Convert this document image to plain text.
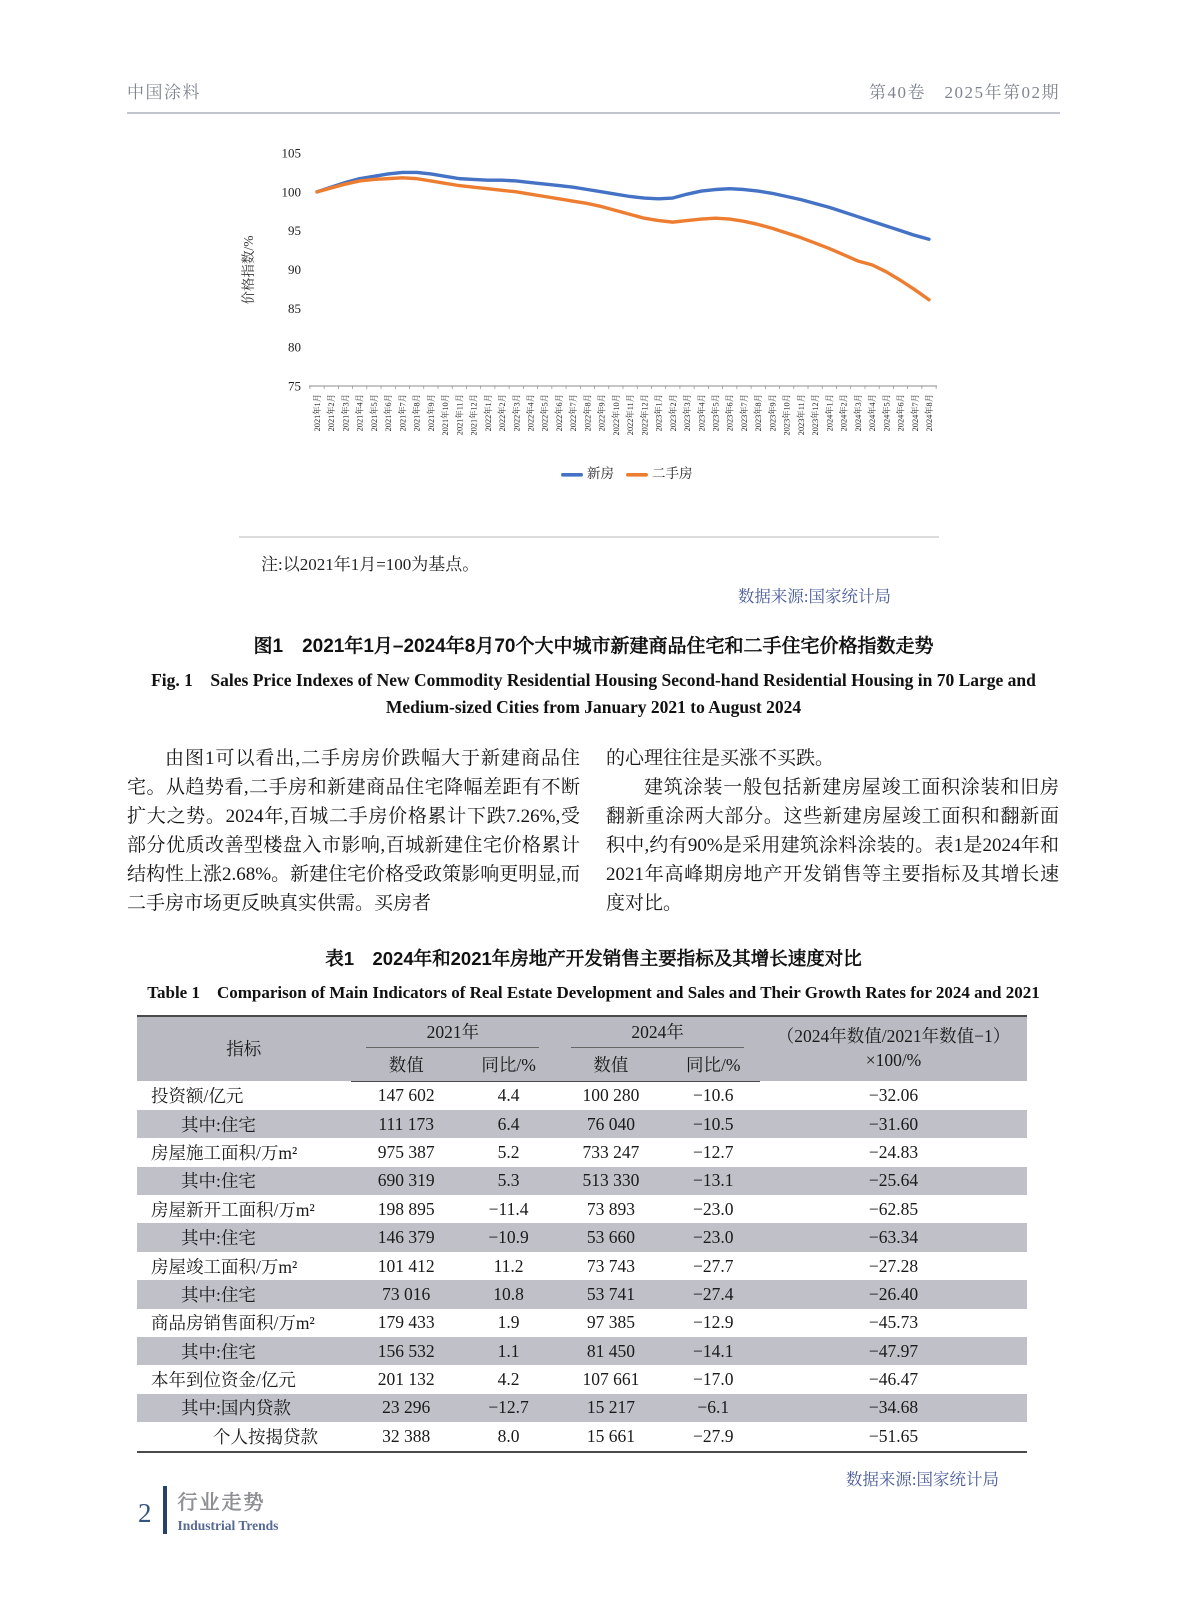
中国涂料	第40卷　2025年第02期
价格指数/%
105
100
95
90
85
80
75
2021年1月 2021年2月 2021年3月 2021年4月 2021年5月 2021年6月 2021年7月 2021年8月 2021年9月 2021年10月 2021年11月 2021年12月 2022年1月 2022年2月 2022年3月 2022年4月 2022年5月 2022年6月 2022年7月 2022年8月 2022年9月 2022年10月 2022年11月 2022年12月 2023年1月 2023年2月 2023年3月 2023年4月 2023年5月 2023年6月 2023年7月 2023年8月 2023年9月 2023年10月 2023年11月 2023年12月 2024年1月 2024年2月 2024年3月 2024年4月 2024年5月 2024年6月 2024年7月 2024年8月
新房	二手房
注:以2021年1月=100为基点。
数据来源:国家统计局
图1　2021年1月–2024年8月70个大中城市新建商品住宅和二手住宅价格指数走势
Fig. 1　Sales Price Indexes of New Commodity Residential Housing Second-hand Residential Housing in 70 Large and Medium-sized Cities from January 2021 to August 2024

由图1可以看出,二手房房价跌幅大于新建商品住宅。从趋势看,二手房和新建商品住宅降幅差距有不断扩大之势。2024年,百城二手房价格累计下跌7.26%,受部分优质改善型楼盘入市影响,百城新建住宅价格累计结构性上涨2.68%。新建住宅价格受政策影响更明显,而二手房市场更反映真实供需。买房者

的心理往往是买涨不买跌。

建筑涂装一般包括新建房屋竣工面积涂装和旧房翻新重涂两大部分。这些新建房屋竣工面积和翻新面积中,约有90%是采用建筑涂料涂装的。表1是2024年和2021年高峰期房地产开发销售等主要指标及其增长速度对比。

表1　2024年和2021年房地产开发销售主要指标及其增长速度对比
Table 1　Comparison of Main Indicators of Real Estate Development and Sales and Their Growth Rates for 2024 and 2021
指标	2021年		2024年		（2024年数值/2021年数值−1）
×100/%

	数值	同比/%	数值	同比/%	
投资额/亿元	147 602	4.4	100 280	−10.6	−32.06
其中:住宅	111 173	6.4	76 040	−10.5	−31.60
房屋施工面积/万m²	975 387	5.2	733 247	−12.7	−24.83
其中:住宅	690 319	5.3	513 330	−13.1	−25.64
房屋新开工面积/万m²	198 895	−11.4	73 893	−23.0	−62.85
其中:住宅	146 379	−10.9	53 660	−23.0	−63.34
房屋竣工面积/万m²	101 412	11.2	73 743	−27.7	−27.28
其中:住宅	73 016	10.8	53 741	−27.4	−26.40
商品房销售面积/万m²	179 433	1.9	97 385	−12.9	−45.73
其中:住宅	156 532	1.1	81 450	−14.1	−47.97
本年到位资金/亿元	201 132	4.2	107 661	−17.0	−46.47
其中:国内贷款	23 296	−12.7	15 217	−6.1	−34.68
个人按揭贷款	32 388	8.0	15 661	−27.9	−51.65
数据来源:国家统计局
2 行业走势
Industrial Trends
